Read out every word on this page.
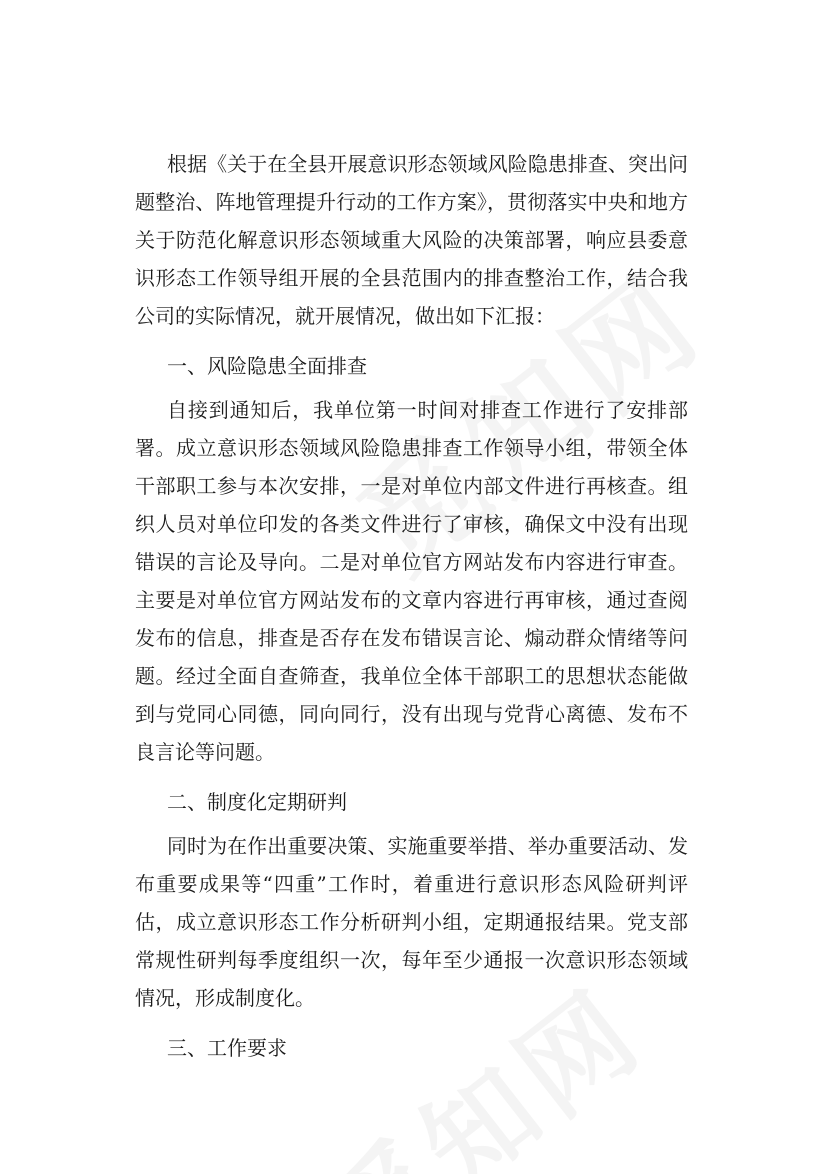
根据《关于在全县开展意识形态领域风险隐患排查、突出问题整治、阵地管理提升行动的工作方案》，贯彻落实中央和地方关于防范化解意识形态领域重大风险的决策部署，响应县委意识形态工作领导组开展的全县范围内的排查整治工作，结合我公司的实际情况，就开展情况，做出如下汇报：

一、风险隐患全面排查

自接到通知后，我单位第一时间对排查工作进行了安排部署。成立意识形态领域风险隐患排查工作领导小组，带领全体干部职工参与本次安排，一是对单位内部文件进行再核查。组织人员对单位印发的各类文件进行了审核，确保文中没有出现错误的言论及导向。二是对单位官方网站发布内容进行审查。主要是对单位官方网站发布的文章内容进行再审核，通过查阅发布的信息，排查是否存在发布错误言论、煽动群众情绪等问题。经过全面自查筛查，我单位全体干部职工的思想状态能做到与党同心同德，同向同行，没有出现与党背心离德、发布不良言论等问题。

二、制度化定期研判

同时为在作出重要决策、实施重要举措、举办重要活动、发布重要成果等“四重”工作时，着重进行意识形态风险研判评估，成立意识形态工作分析研判小组，定期通报结果。党支部常规性研判每季度组织一次，每年至少通报一次意识形态领域情况，形成制度化。

三、工作要求
